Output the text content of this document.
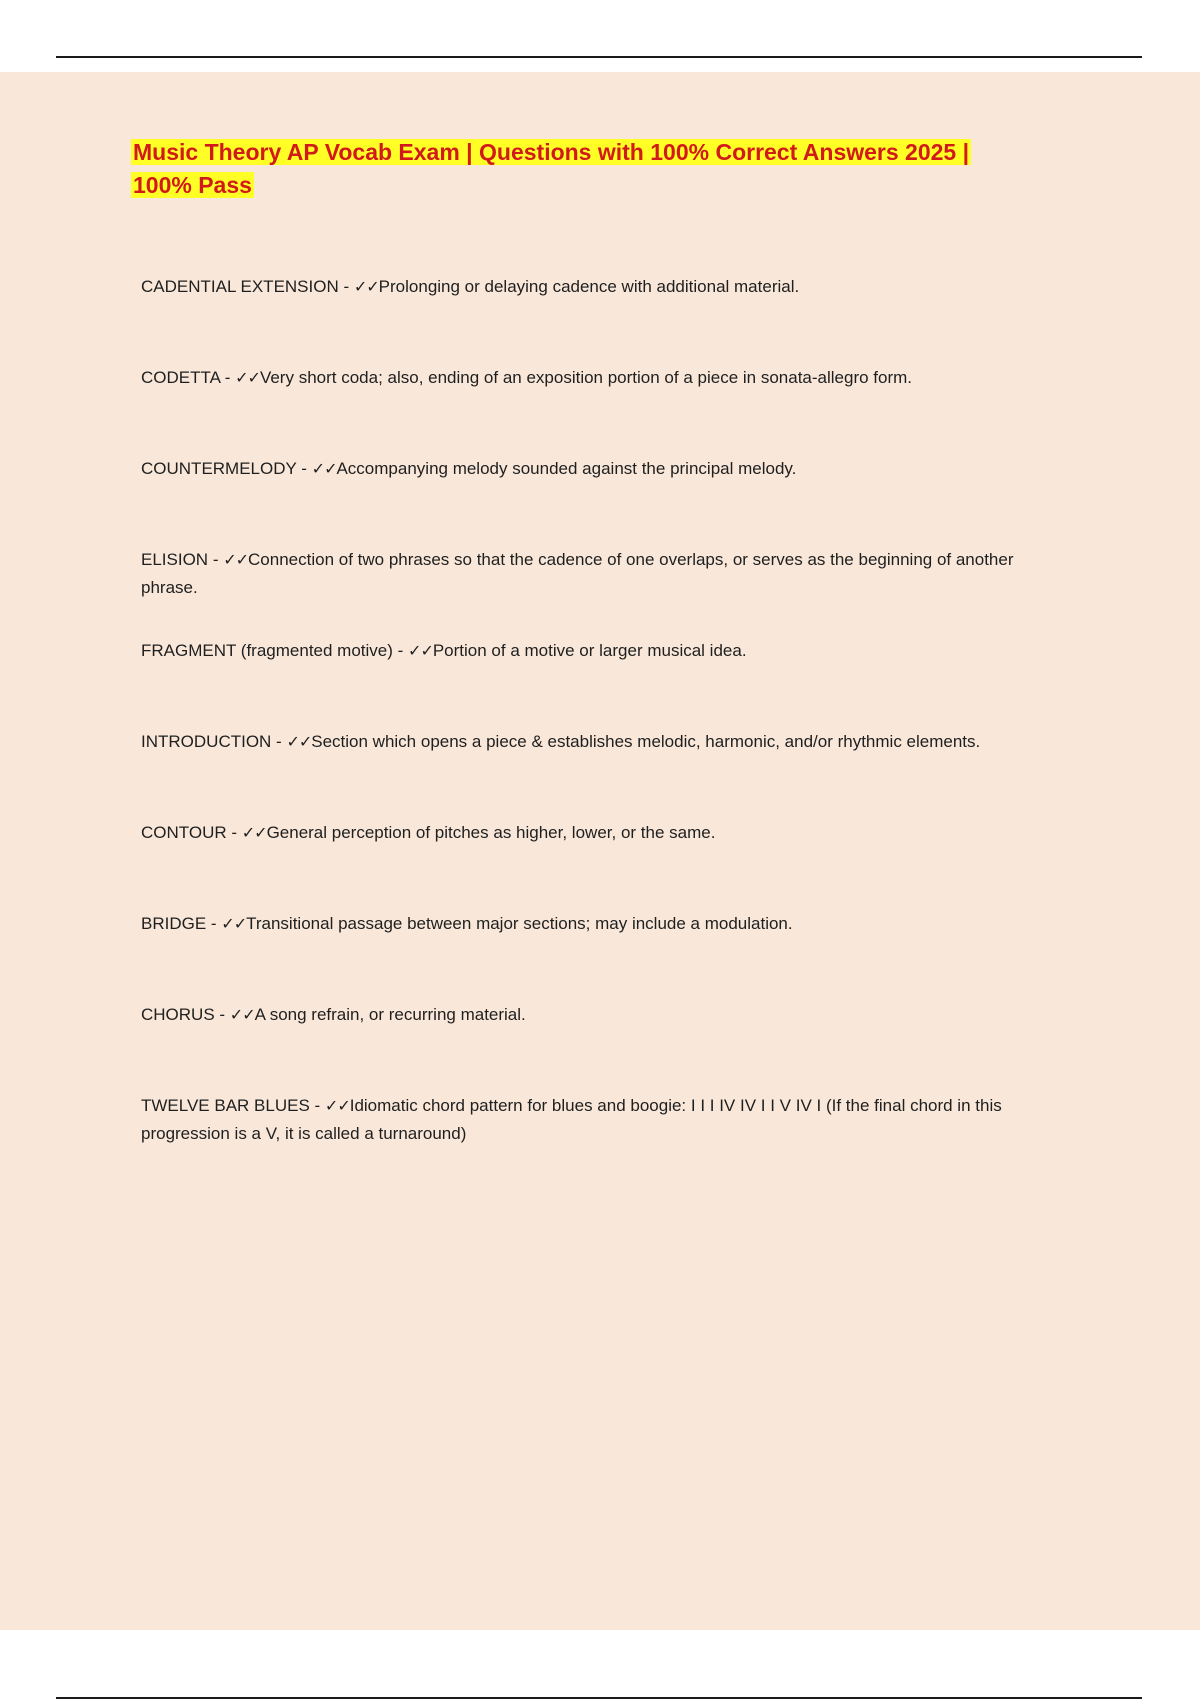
Music Theory AP Vocab Exam | Questions with 100% Correct Answers 2025 | 100% Pass
CADENTIAL EXTENSION - ✓✓Prolonging or delaying cadence with additional material.
CODETTA - ✓✓Very short coda; also, ending of an exposition portion of a piece in sonata-allegro form.
COUNTERMELODY - ✓✓Accompanying melody sounded against the principal melody.
ELISION - ✓✓Connection of two phrases so that the cadence of one overlaps, or serves as the beginning of another phrase.
FRAGMENT (fragmented motive) - ✓✓Portion of a motive or larger musical idea.
INTRODUCTION - ✓✓Section which opens a piece & establishes melodic, harmonic, and/or rhythmic elements.
CONTOUR - ✓✓General perception of pitches as higher, lower, or the same.
BRIDGE - ✓✓Transitional passage between major sections; may include a modulation.
CHORUS - ✓✓A song refrain, or recurring material.
TWELVE BAR BLUES - ✓✓Idiomatic chord pattern for blues and boogie: I I I IV IV I I V IV I (If the final chord in this progression is a V, it is called a turnaround)
